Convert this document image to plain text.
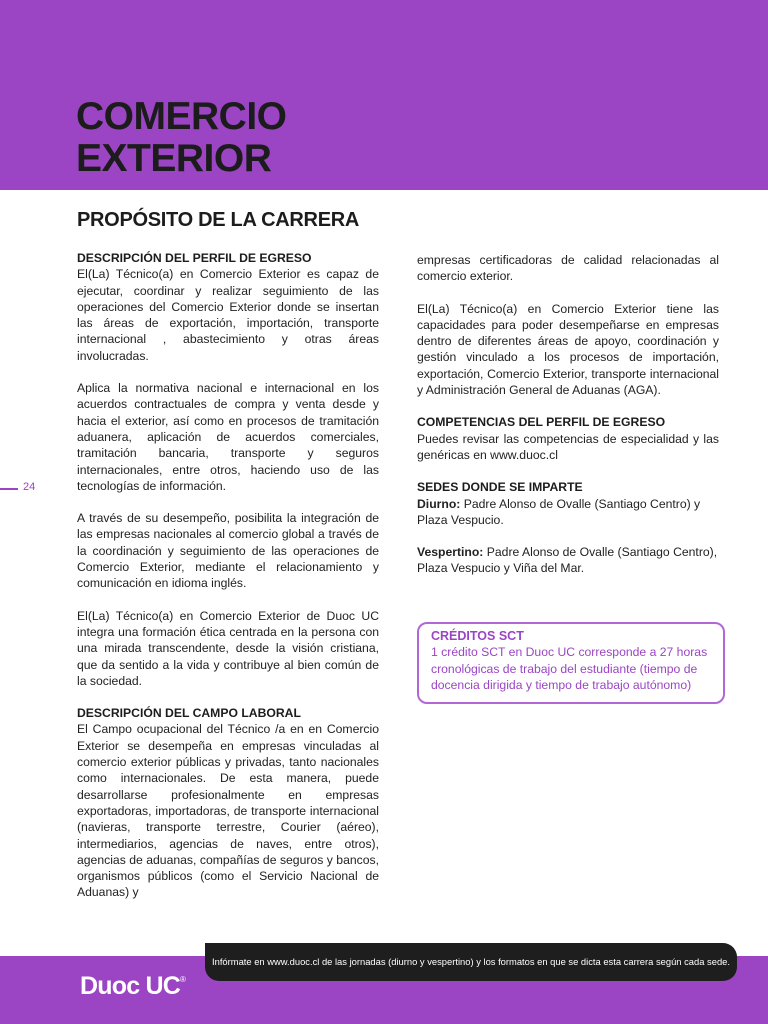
COMERCIO
EXTERIOR
PROPÓSITO DE LA CARRERA
24
DESCRIPCIÓN DEL PERFIL DE EGRESO

El(La) Técnico(a) en Comercio Exterior es capaz de ejecutar, coordinar y realizar seguimiento de las operaciones del Comercio Exterior donde se insertan las áreas de exportación, importación, transporte internacional , abastecimiento y otras áreas involucradas.

Aplica la normativa nacional e internacional en los acuerdos contractuales de compra y venta desde y hacia el exterior, así como en procesos de tramitación aduanera, aplicación de acuerdos comerciales, tramitación bancaria, transporte y seguros internacionales, entre otros, haciendo uso de las tecnologías de información.

A través de su desempeño, posibilita la integración de las empresas nacionales al comercio global a través de la coordinación y seguimiento de las operaciones de Comercio Exterior, mediante el relacionamiento y comunicación en idioma inglés.

El(La) Técnico(a) en Comercio Exterior de Duoc UC integra una formación ética centrada en la persona con una mirada transcendente, desde la visión cristiana, que da sentido a la vida y contribuye al bien común de la sociedad.

DESCRIPCIÓN DEL CAMPO LABORAL

El Campo ocupacional del Técnico /a en en Comercio Exterior se desempeña en empresas vinculadas al comercio exterior públicas y privadas, tanto nacionales como internacionales. De esta manera, puede desarrollarse profesionalmente en empresas exportadoras, importadoras, de transporte internacional (navieras, transporte terrestre, Courier (aéreo), intermediarios, agencias de naves, entre otros), agencias de aduanas, compañías de seguros y bancos, organismos públicos (como el Servicio Nacional de Aduanas) y

empresas certificadoras de calidad relacionadas al comercio exterior.

El(La) Técnico(a) en Comercio Exterior tiene las capacidades para poder desempeñarse en empresas dentro de diferentes áreas de apoyo, coordinación y gestión vinculado a los procesos de importación, exportación, Comercio Exterior, transporte internacional y Administración General de Aduanas (AGA).

COMPETENCIAS DEL PERFIL DE EGRESO

Puedes revisar las competencias de especialidad y las genéricas en www.duoc.cl

SEDES DONDE SE IMPARTE

Diurno: Padre Alonso de Ovalle (Santiago Centro) y Plaza Vespucio.

Vespertino: Padre Alonso de Ovalle (Santiago Centro), Plaza Vespucio y Viña del Mar.

CRÉDITOS SCT
1 crédito SCT en Duoc UC corresponde a 27 horas cronológicas de trabajo del estudiante (tiempo de docencia dirigida y tiempo de trabajo autónomo)
Infórmate en www.duoc.cl de las jornadas (diurno y vespertino) y los formatos en que se dicta esta carrera según cada sede.
Duoc UC®
